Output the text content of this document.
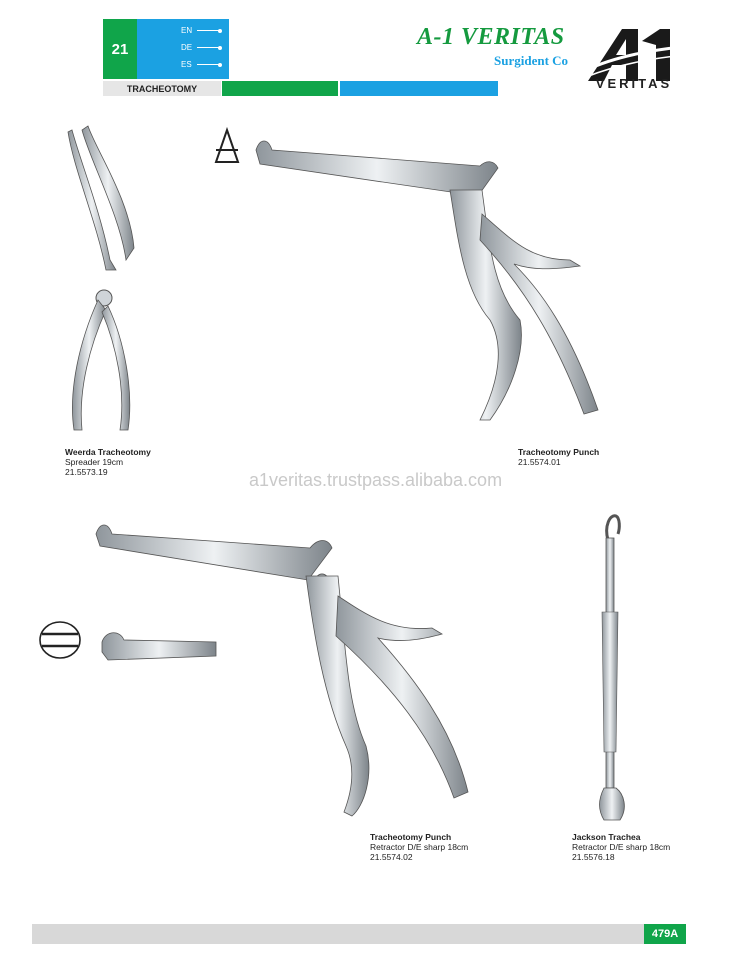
21
EN
DE
ES
TRACHEOTOMY
A-1 VERITAS
Surgident Co
VERITAS
Weerda Tracheotomy
Spreader 19cm
21.5573.19
Tracheotomy Punch
21.5574.01
a1veritas.trustpass.alibaba.com
Tracheotomy Punch
Retractor D/E sharp 18cm
21.5574.02
Jackson Trachea
Retractor D/E sharp 18cm
21.5576.18
479A
